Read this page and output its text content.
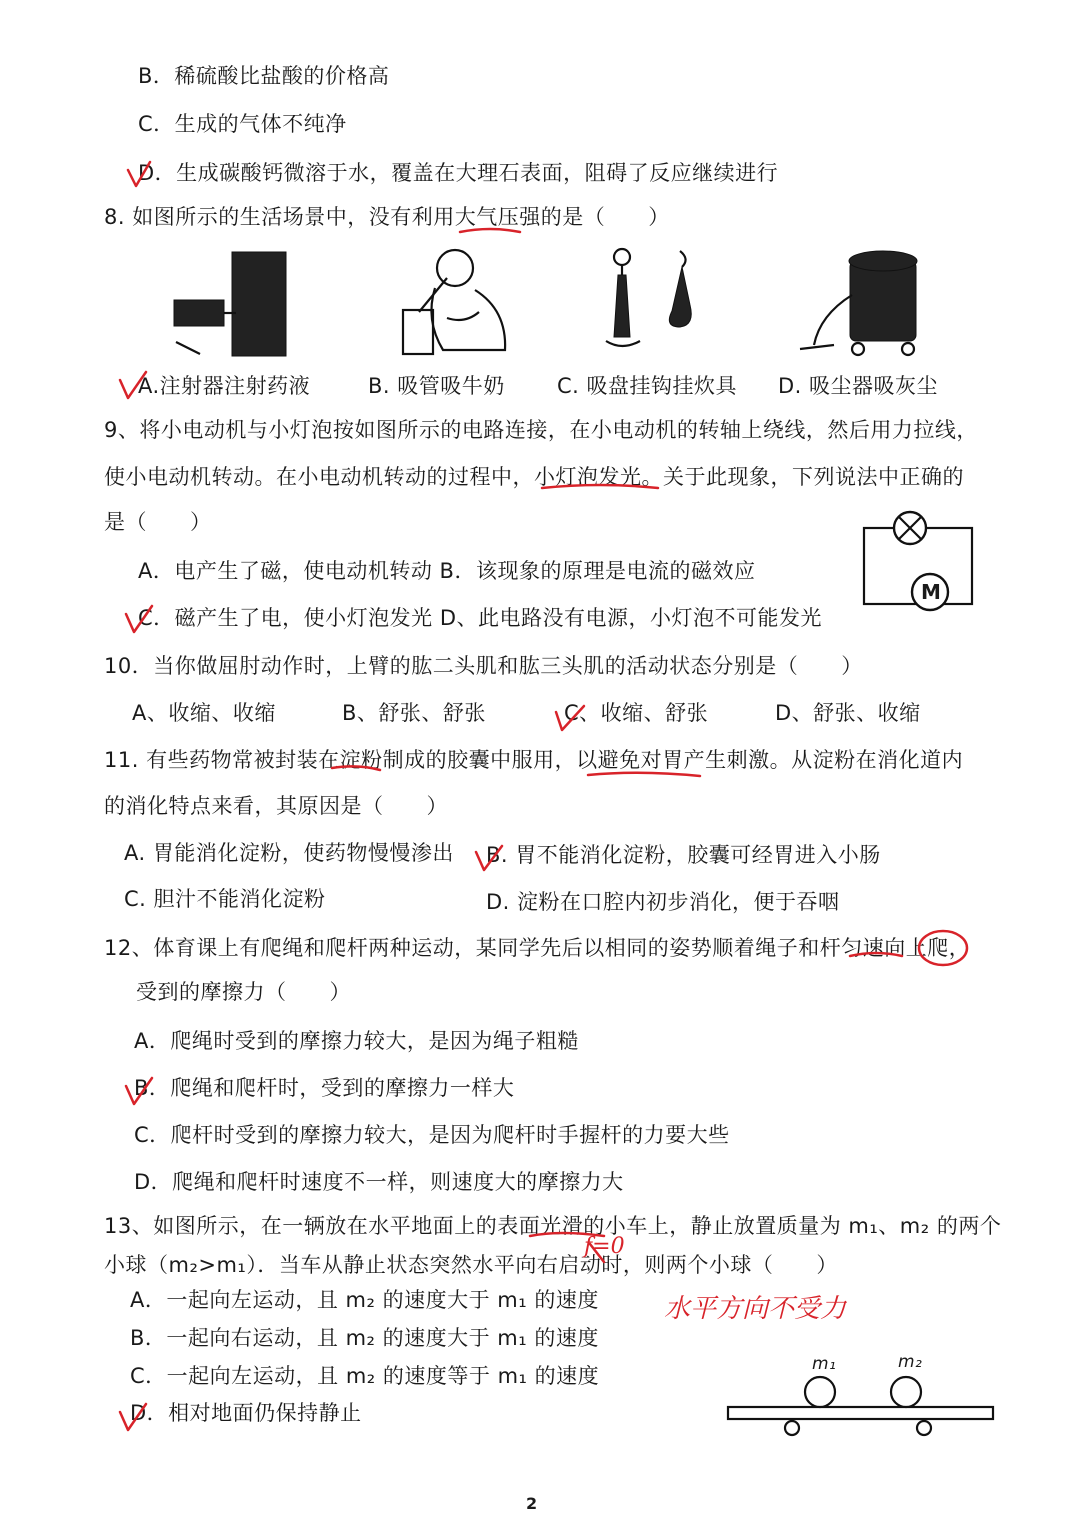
B．稀硫酸比盐酸的价格高
C．生成的气体不纯净
D．生成碳酸钙微溶于水，覆盖在大理石表面，阻碍了反应继续进行
8. 如图所示的生活场景中，没有利用大气压强的是（　　）
A.注射器注射药液	B. 吸管吸牛奶 C. 吸盘挂钩挂炊具 D. 吸尘器吸灰尘
9、将小电动机与小灯泡按如图所示的电路连接，在小电动机的转轴上绕线，然后用力拉线，
使小电动机转动。在小电动机转动的过程中，小灯泡发光。关于此现象，下列说法中正确的
是（　　）
M
A．电产生了磁，使电动机转动 B．该现象的原理是电流的磁效应
C．磁产生了电，使小灯泡发光 D、此电路没有电源，小灯泡不可能发光
10．当你做屈肘动作时，上臂的肱二头肌和肱三头肌的活动状态分别是（　　）
A、收缩、收缩	B、舒张、舒张	C、收缩、舒张	D、舒张、收缩
11. 有些药物常被封装在淀粉制成的胶囊中服用，以避免对胃产生刺激。从淀粉在消化道内
的消化特点来看，其原因是（　　）
A. 胃能消化淀粉，使药物慢慢渗出 B. 胃不能消化淀粉，胶囊可经胃进入小肠
C. 胆汁不能消化淀粉	D. 淀粉在口腔内初步消化，便于吞咽
12、体育课上有爬绳和爬杆两种运动，某同学先后以相同的姿势顺着绳子和杆匀速向上爬，
受到的摩擦力（　　）
A．爬绳时受到的摩擦力较大，是因为绳子粗糙
B．爬绳和爬杆时，受到的摩擦力一样大
C．爬杆时受到的摩擦力较大，是因为爬杆时手握杆的力要大些
D．爬绳和爬杆时速度不一样，则速度大的摩擦力大
13、如图所示，在一辆放在水平地面上的表面光滑的小车上，静止放置质量为 m₁、m₂ 的两个
小球（m₂>m₁）．当车从静止状态突然水平向右启动时，则两个小球（　　）
A．一起向左运动，且 m₂ 的速度大于 m₁ 的速度
B．一起向右运动，且 m₂ 的速度大于 m₁ 的速度
C．一起向左运动，且 m₂ 的速度等于 m₁ 的速度
D．相对地面仍保持静止
m₁	m₂
f=0
水平方向不受力
2
